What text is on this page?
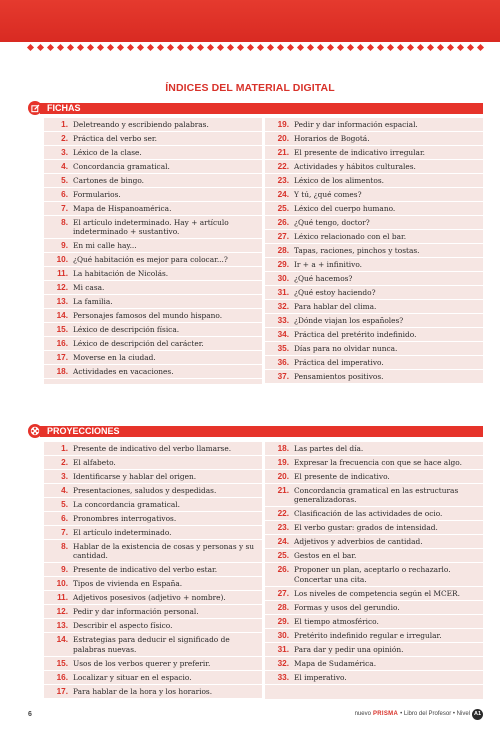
ÍNDICES DEL MATERIAL DIGITAL
FICHAS
1. Deletreando y escribiendo palabras.
2. Práctica del verbo ser.
3. Léxico de la clase.
4. Concordancia gramatical.
5. Cartones de bingo.
6. Formularios.
7. Mapa de Hispanoamérica.
8. El artículo indeterminado. Hay + artículo indeterminado + sustantivo.
9. En mi calle hay...
10. ¿Qué habitación es mejor para colocar...?
11. La habitación de Nicolás.
12. Mi casa.
13. La familia.
14. Personajes famosos del mundo hispano.
15. Léxico de descripción física.
16. Léxico de descripción del carácter.
17. Moverse en la ciudad.
18. Actividades en vacaciones.
19. Pedir y dar información espacial.
20. Horarios de Bogotá.
21. El presente de indicativo irregular.
22. Actividades y hábitos culturales.
23. Léxico de los alimentos.
24. Y tú, ¿qué comes?
25. Léxico del cuerpo humano.
26. ¿Qué tengo, doctor?
27. Léxico relacionado con el bar.
28. Tapas, raciones, pinchos y tostas.
29. Ir + a + infinitivo.
30. ¿Qué hacemos?
31. ¿Qué estoy haciendo?
32. Para hablar del clima.
33. ¿Dónde viajan los españoles?
34. Práctica del pretérito indefinido.
35. Días para no olvidar nunca.
36. Práctica del imperativo.
37. Pensamientos positivos.
PROYECCIONES
1. Presente de indicativo del verbo llamarse.
2. El alfabeto.
3. Identificarse y hablar del origen.
4. Presentaciones, saludos y despedidas.
5. La concordancia gramatical.
6. Pronombres interrogativos.
7. El artículo indeterminado.
8. Hablar de la existencia de cosas y personas y su cantidad.
9. Presente de indicativo del verbo estar.
10. Tipos de vivienda en España.
11. Adjetivos posesivos (adjetivo + nombre).
12. Pedir y dar información personal.
13. Describir el aspecto físico.
14. Estrategias para deducir el significado de palabras nuevas.
15. Usos de los verbos querer y preferir.
16. Localizar y situar en el espacio.
17. Para hablar de la hora y los horarios.
18. Las partes del día.
19. Expresar la frecuencia con que se hace algo.
20. El presente de indicativo.
21. Concordancia gramatical en las estructuras generalizadoras.
22. Clasificación de las actividades de ocio.
23. El verbo gustar: grados de intensidad.
24. Adjetivos y adverbios de cantidad.
25. Gestos en el bar.
26. Proponer un plan, aceptarlo o rechazarlo. Concertar una cita.
27. Los niveles de competencia según el MCER.
28. Formas y usos del gerundio.
29. El tiempo atmosférico.
30. Pretérito indefinido regular e irregular.
31. Para dar y pedir una opinión.
32. Mapa de Sudamérica.
33. El imperativo.
6	nuevo PRISMA • Libro del Profesor • Nivel A1
